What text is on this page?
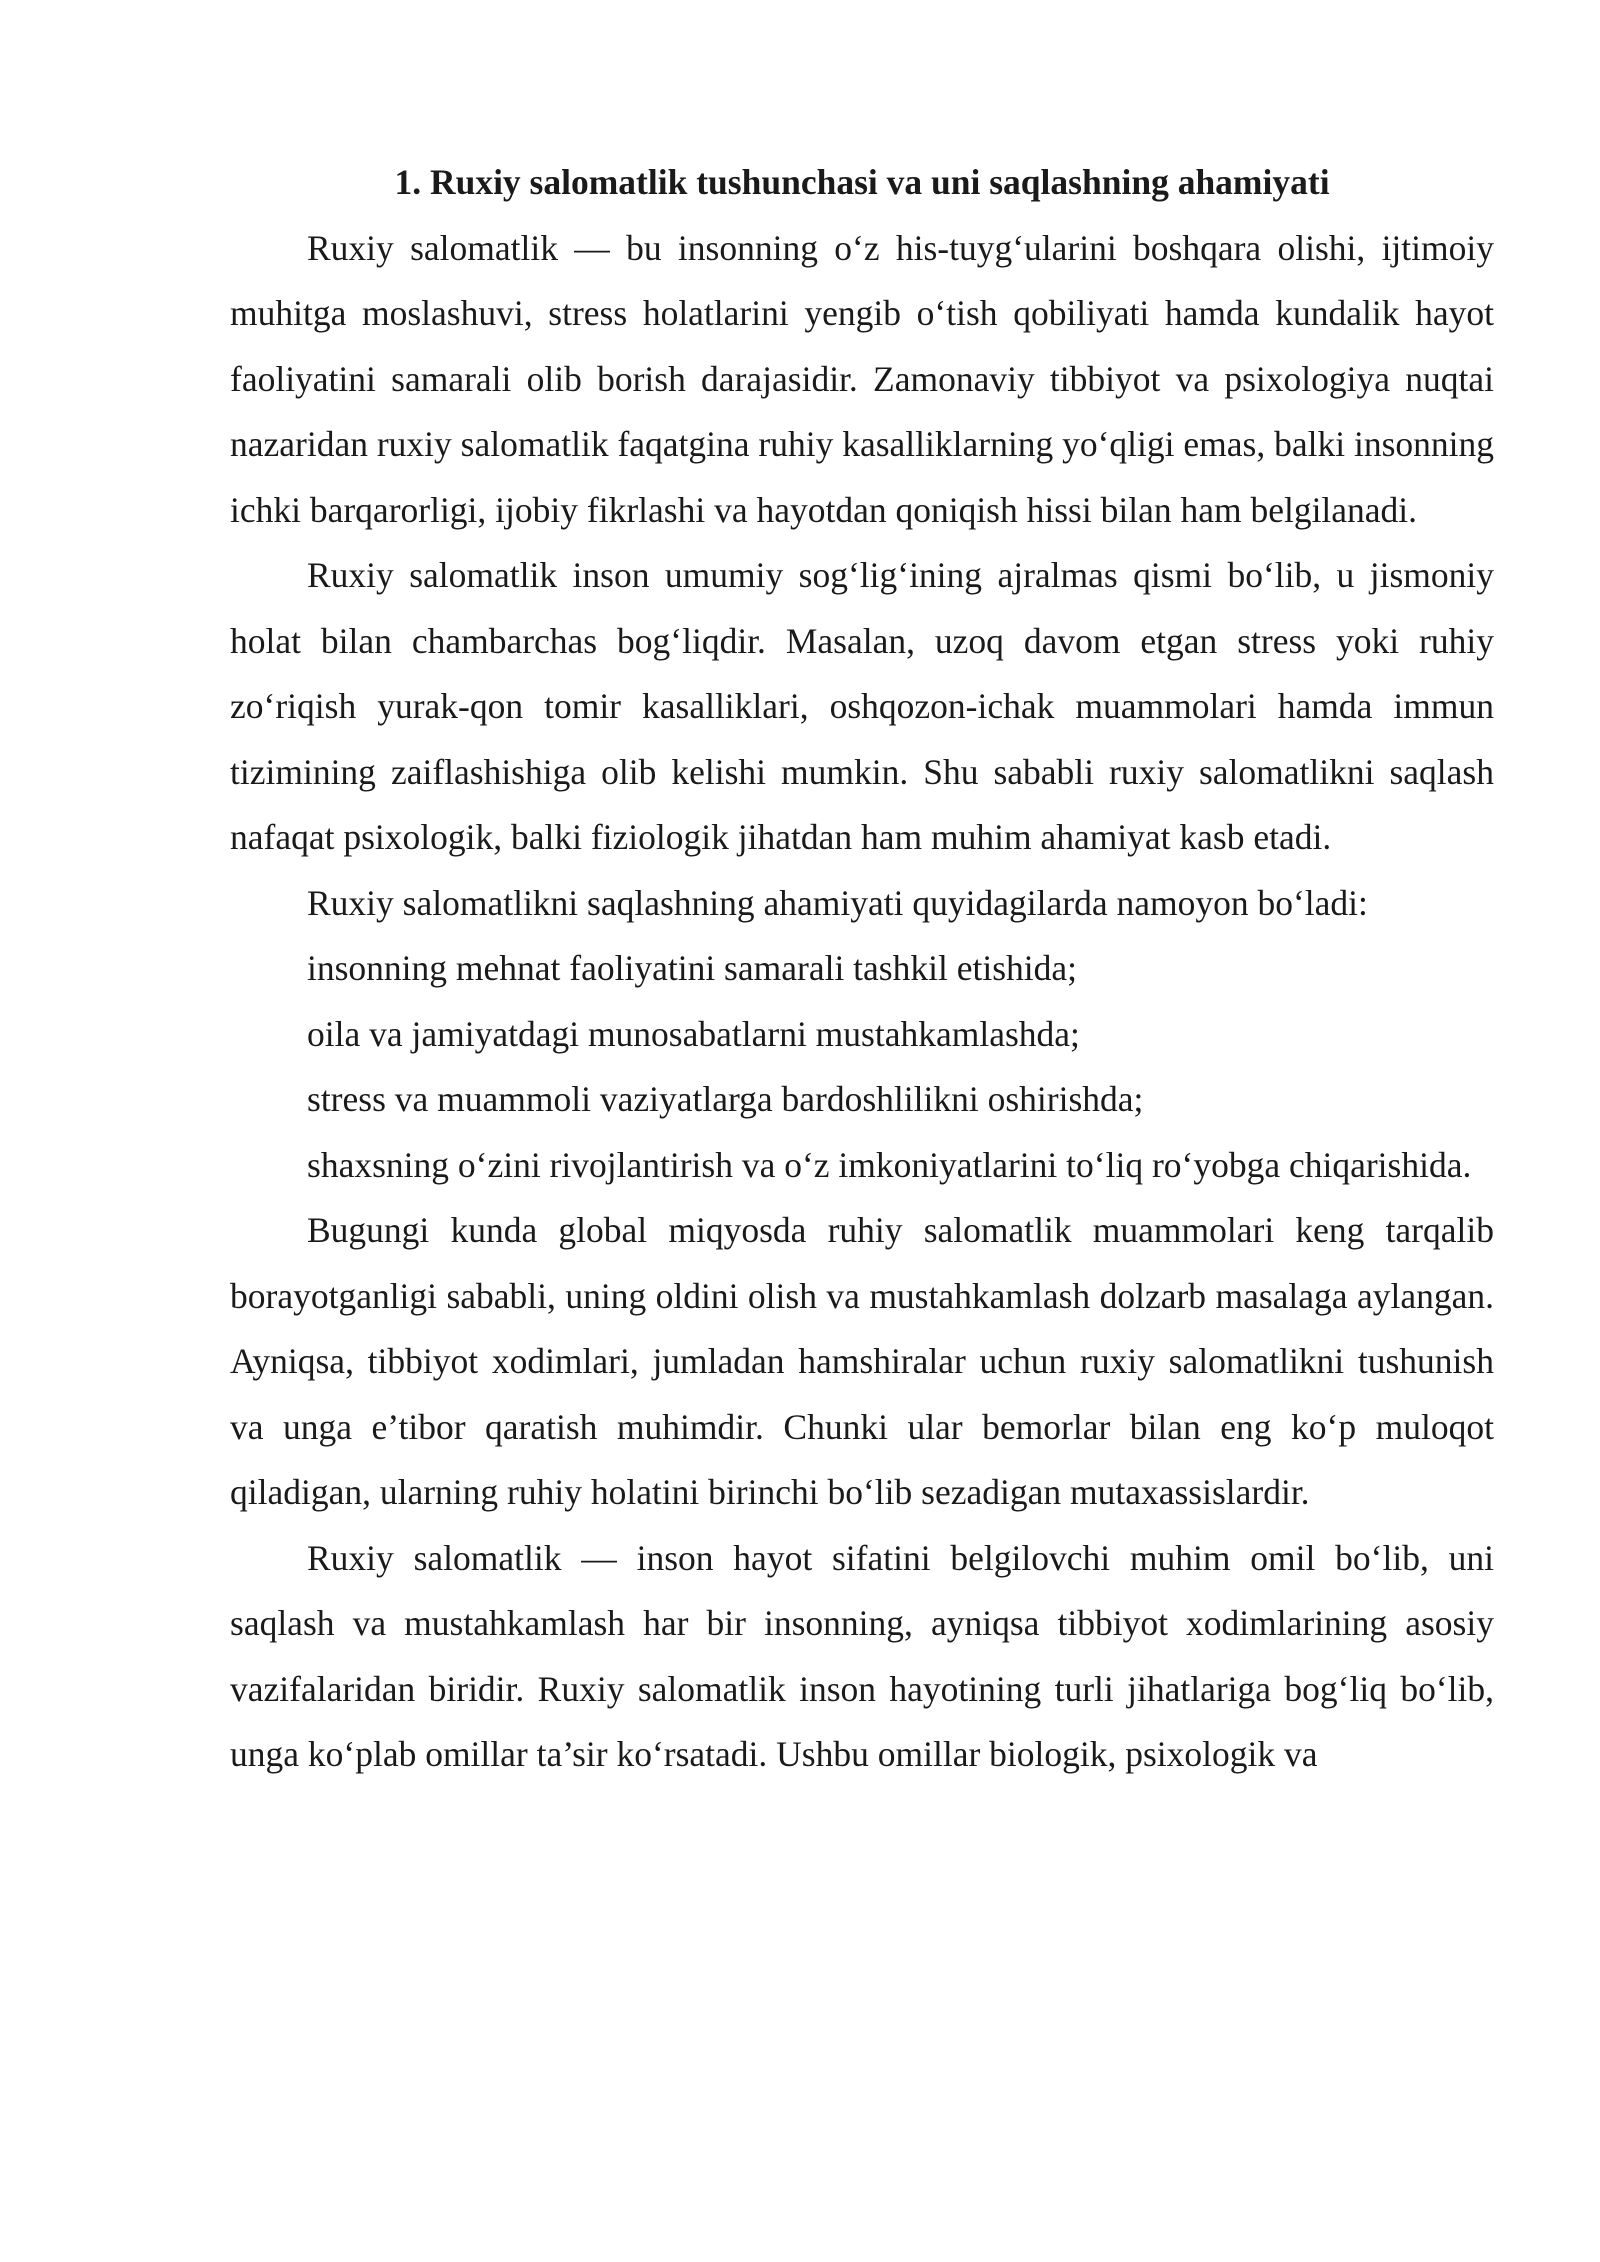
1. Ruxiy salomatlik tushunchasi va uni saqlashning ahamiyati

Ruxiy salomatlik — bu insonning o‘z his-tuyg‘ularini boshqara olishi, ijtimoiy muhitga moslashuvi, stress holatlarini yengib o‘tish qobiliyati hamda kundalik hayot faoliyatini samarali olib borish darajasidir. Zamonaviy tibbiyot va psixologiya nuqtai nazaridan ruxiy salomatlik faqatgina ruhiy kasalliklarning yo‘qligi emas, balki insonning ichki barqarorligi, ijobiy fikrlashi va hayotdan qoniqish hissi bilan ham belgilanadi.

Ruxiy salomatlik inson umumiy sog‘lig‘ining ajralmas qismi bo‘lib, u jismoniy holat bilan chambarchas bog‘liqdir. Masalan, uzoq davom etgan stress yoki ruhiy zo‘riqish yurak-qon tomir kasalliklari, oshqozon-ichak muammolari hamda immun tizimining zaiflashishiga olib kelishi mumkin. Shu sababli ruxiy salomatlikni saqlash nafaqat psixologik, balki fiziologik jihatdan ham muhim ahamiyat kasb etadi.

Ruxiy salomatlikni saqlashning ahamiyati quyidagilarda namoyon bo‘ladi:

insonning mehnat faoliyatini samarali tashkil etishida;

oila va jamiyatdagi munosabatlarni mustahkamlashda;

stress va muammoli vaziyatlarga bardoshlilikni oshirishda;

shaxsning o‘zini rivojlantirish va o‘z imkoniyatlarini to‘liq ro‘yobga chiqarishida.

Bugungi kunda global miqyosda ruhiy salomatlik muammolari keng tarqalib borayotganligi sababli, uning oldini olish va mustahkamlash dolzarb masalaga aylangan. Ayniqsa, tibbiyot xodimlari, jumladan hamshiralar uchun ruxiy salomatlikni tushunish va unga e’tibor qaratish muhimdir. Chunki ular bemorlar bilan eng ko‘p muloqot qiladigan, ularning ruhiy holatini birinchi bo‘lib sezadigan mutaxassislardir.

Ruxiy salomatlik — inson hayot sifatini belgilovchi muhim omil bo‘lib, uni saqlash va mustahkamlash har bir insonning, ayniqsa tibbiyot xodimlarining asosiy vazifalaridan biridir. Ruxiy salomatlik inson hayotining turli jihatlariga bog‘liq bo‘lib, unga ko‘plab omillar ta’sir ko‘rsatadi. Ushbu omillar biologik, psixologik va
